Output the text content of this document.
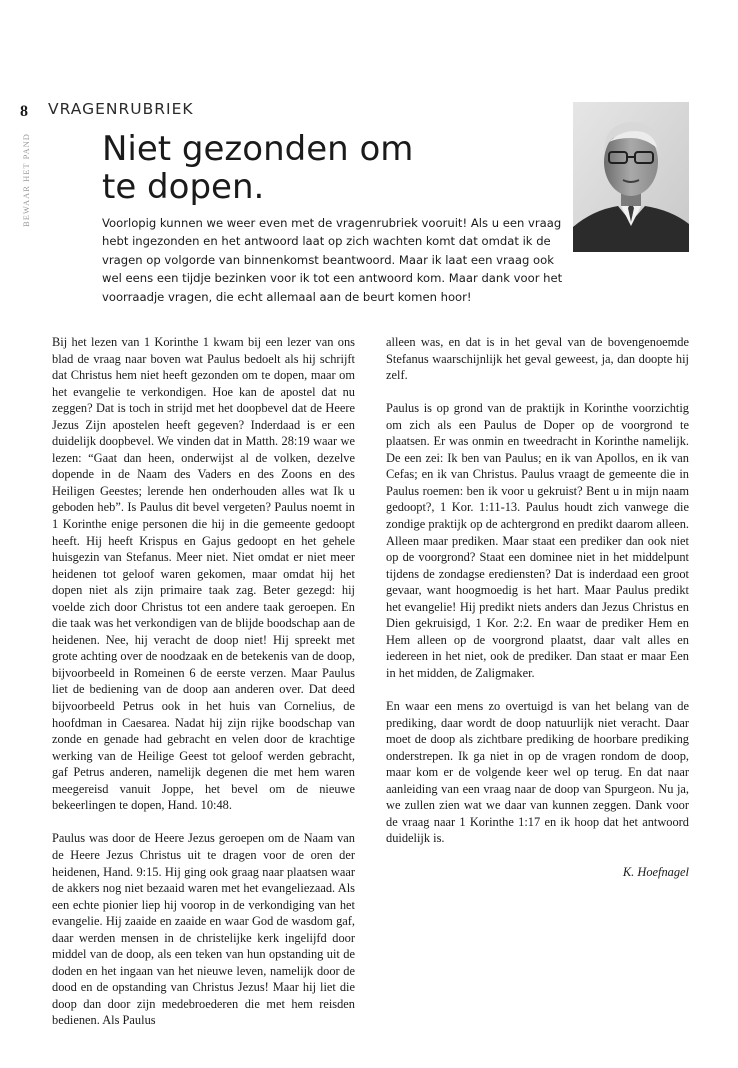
8
BEWAAR HET PAND
VRAGENRUBRIEK
Niet gezonden om
te dopen.

Voorlopig kunnen we weer even met de vragenrubriek vooruit! Als u een vraag hebt ingezonden en het antwoord laat op zich wachten komt dat omdat ik de vragen op volgorde van binnenkomst beantwoord. Maar ik laat een vraag ook wel eens een tijdje bezinken voor ik tot een antwoord kom. Maar dank voor het voorraadje vragen, die echt allemaal aan de beurt komen hoor!

Bij het lezen van 1 Korinthe 1 kwam bij een lezer van ons blad de vraag naar boven wat Paulus bedoelt als hij schrijft dat Christus hem niet heeft gezonden om te dopen, maar om het evangelie te verkondigen. Hoe kan de apostel dat nu zeggen? Dat is toch in strijd met het doopbevel dat de Heere Jezus Zijn apostelen heeft gegeven? Inderdaad is er een duidelijk doopbevel. We vinden dat in Matth. 28:19 waar we lezen: “Gaat dan heen, onderwijst al de volken, dezelve dopende in de Naam des Vaders en des Zoons en des Heiligen Geestes; lerende hen onderhouden alles wat Ik u geboden heb”. Is Paulus dit bevel vergeten? Paulus noemt in 1 Korinthe enige personen die hij in die gemeente gedoopt heeft. Hij heeft Krispus en Gajus gedoopt en het gehele huisgezin van Stefanus. Meer niet. Niet omdat er niet meer heidenen tot geloof waren gekomen, maar omdat hij het dopen niet als zijn primaire taak zag. Beter gezegd: hij voelde zich door Christus tot een andere taak geroepen. En die taak was het verkondigen van de blijde boodschap aan de heidenen. Nee, hij veracht de doop niet! Hij spreekt met grote achting over de noodzaak en de betekenis van de doop, bijvoorbeeld in Romeinen 6 de eerste verzen. Maar Paulus liet de bediening van de doop aan anderen over. Dat deed bijvoorbeeld Petrus ook in het huis van Cornelius, de hoofdman in Caesarea. Nadat hij zijn rijke boodschap van zonde en genade had gebracht en velen door de krachtige werking van de Heilige Geest tot geloof werden gebracht, gaf Petrus anderen, namelijk degenen die met hem waren meegereisd vanuit Joppe, het bevel om de nieuwe bekeerlingen te dopen, Hand. 10:48.

Paulus was door de Heere Jezus geroepen om de Naam van de Heere Jezus Christus uit te dragen voor de oren der heidenen, Hand. 9:15. Hij ging ook graag naar plaatsen waar de akkers nog niet bezaaid waren met het evangeliezaad. Als een echte pionier liep hij voorop in de verkondiging van het evangelie. Hij zaaide en zaaide en waar God de wasdom gaf, daar werden mensen in de christelijke kerk ingelijfd door middel van de doop, als een teken van hun opstanding uit de doden en het ingaan van het nieuwe leven, namelijk door de dood en de opstanding van Christus Jezus! Maar hij liet die doop dan door zijn medebroederen die met hem reisden bedienen. Als Paulus

alleen was, en dat is in het geval van de bovengenoemde Stefanus waarschijnlijk het geval geweest, ja, dan doopte hij zelf.

Paulus is op grond van de praktijk in Korinthe voorzichtig om zich als een Paulus de Doper op de voorgrond te plaatsen. Er was onmin en tweedracht in Korinthe namelijk. De een zei: Ik ben van Paulus; en ik van Apollos, en ik van Cefas; en ik van Christus. Paulus vraagt de gemeente die in Paulus roemen: ben ik voor u gekruist? Bent u in mijn naam gedoopt?, 1 Kor. 1:11-13. Paulus houdt zich vanwege die zondige praktijk op de achtergrond en predikt daarom alleen. Alleen maar prediken. Maar staat een prediker dan ook niet op de voorgrond? Staat een dominee niet in het middelpunt tijdens de zondagse erediensten? Dat is inderdaad een groot gevaar, want hoogmoedig is het hart. Maar Paulus predikt het evangelie! Hij predikt niets anders dan Jezus Christus en Dien gekruisigd, 1 Kor. 2:2. En waar de prediker Hem en Hem alleen op de voorgrond plaatst, daar valt alles en iedereen in het niet, ook de prediker. Dan staat er maar Een in het midden, de Zaligmaker.

En waar een mens zo overtuigd is van het belang van de prediking, daar wordt de doop natuurlijk niet veracht. Daar moet de doop als zichtbare prediking de hoorbare prediking onderstrepen. Ik ga niet in op de vragen rondom de doop, maar kom er de volgende keer wel op terug. En dat naar aanleiding van een vraag naar de doop van Spurgeon. Nu ja, we zullen zien wat we daar van kunnen zeggen. Dank voor de vraag naar 1 Korinthe 1:17 en ik hoop dat het antwoord duidelijk is.

K. Hoefnagel
